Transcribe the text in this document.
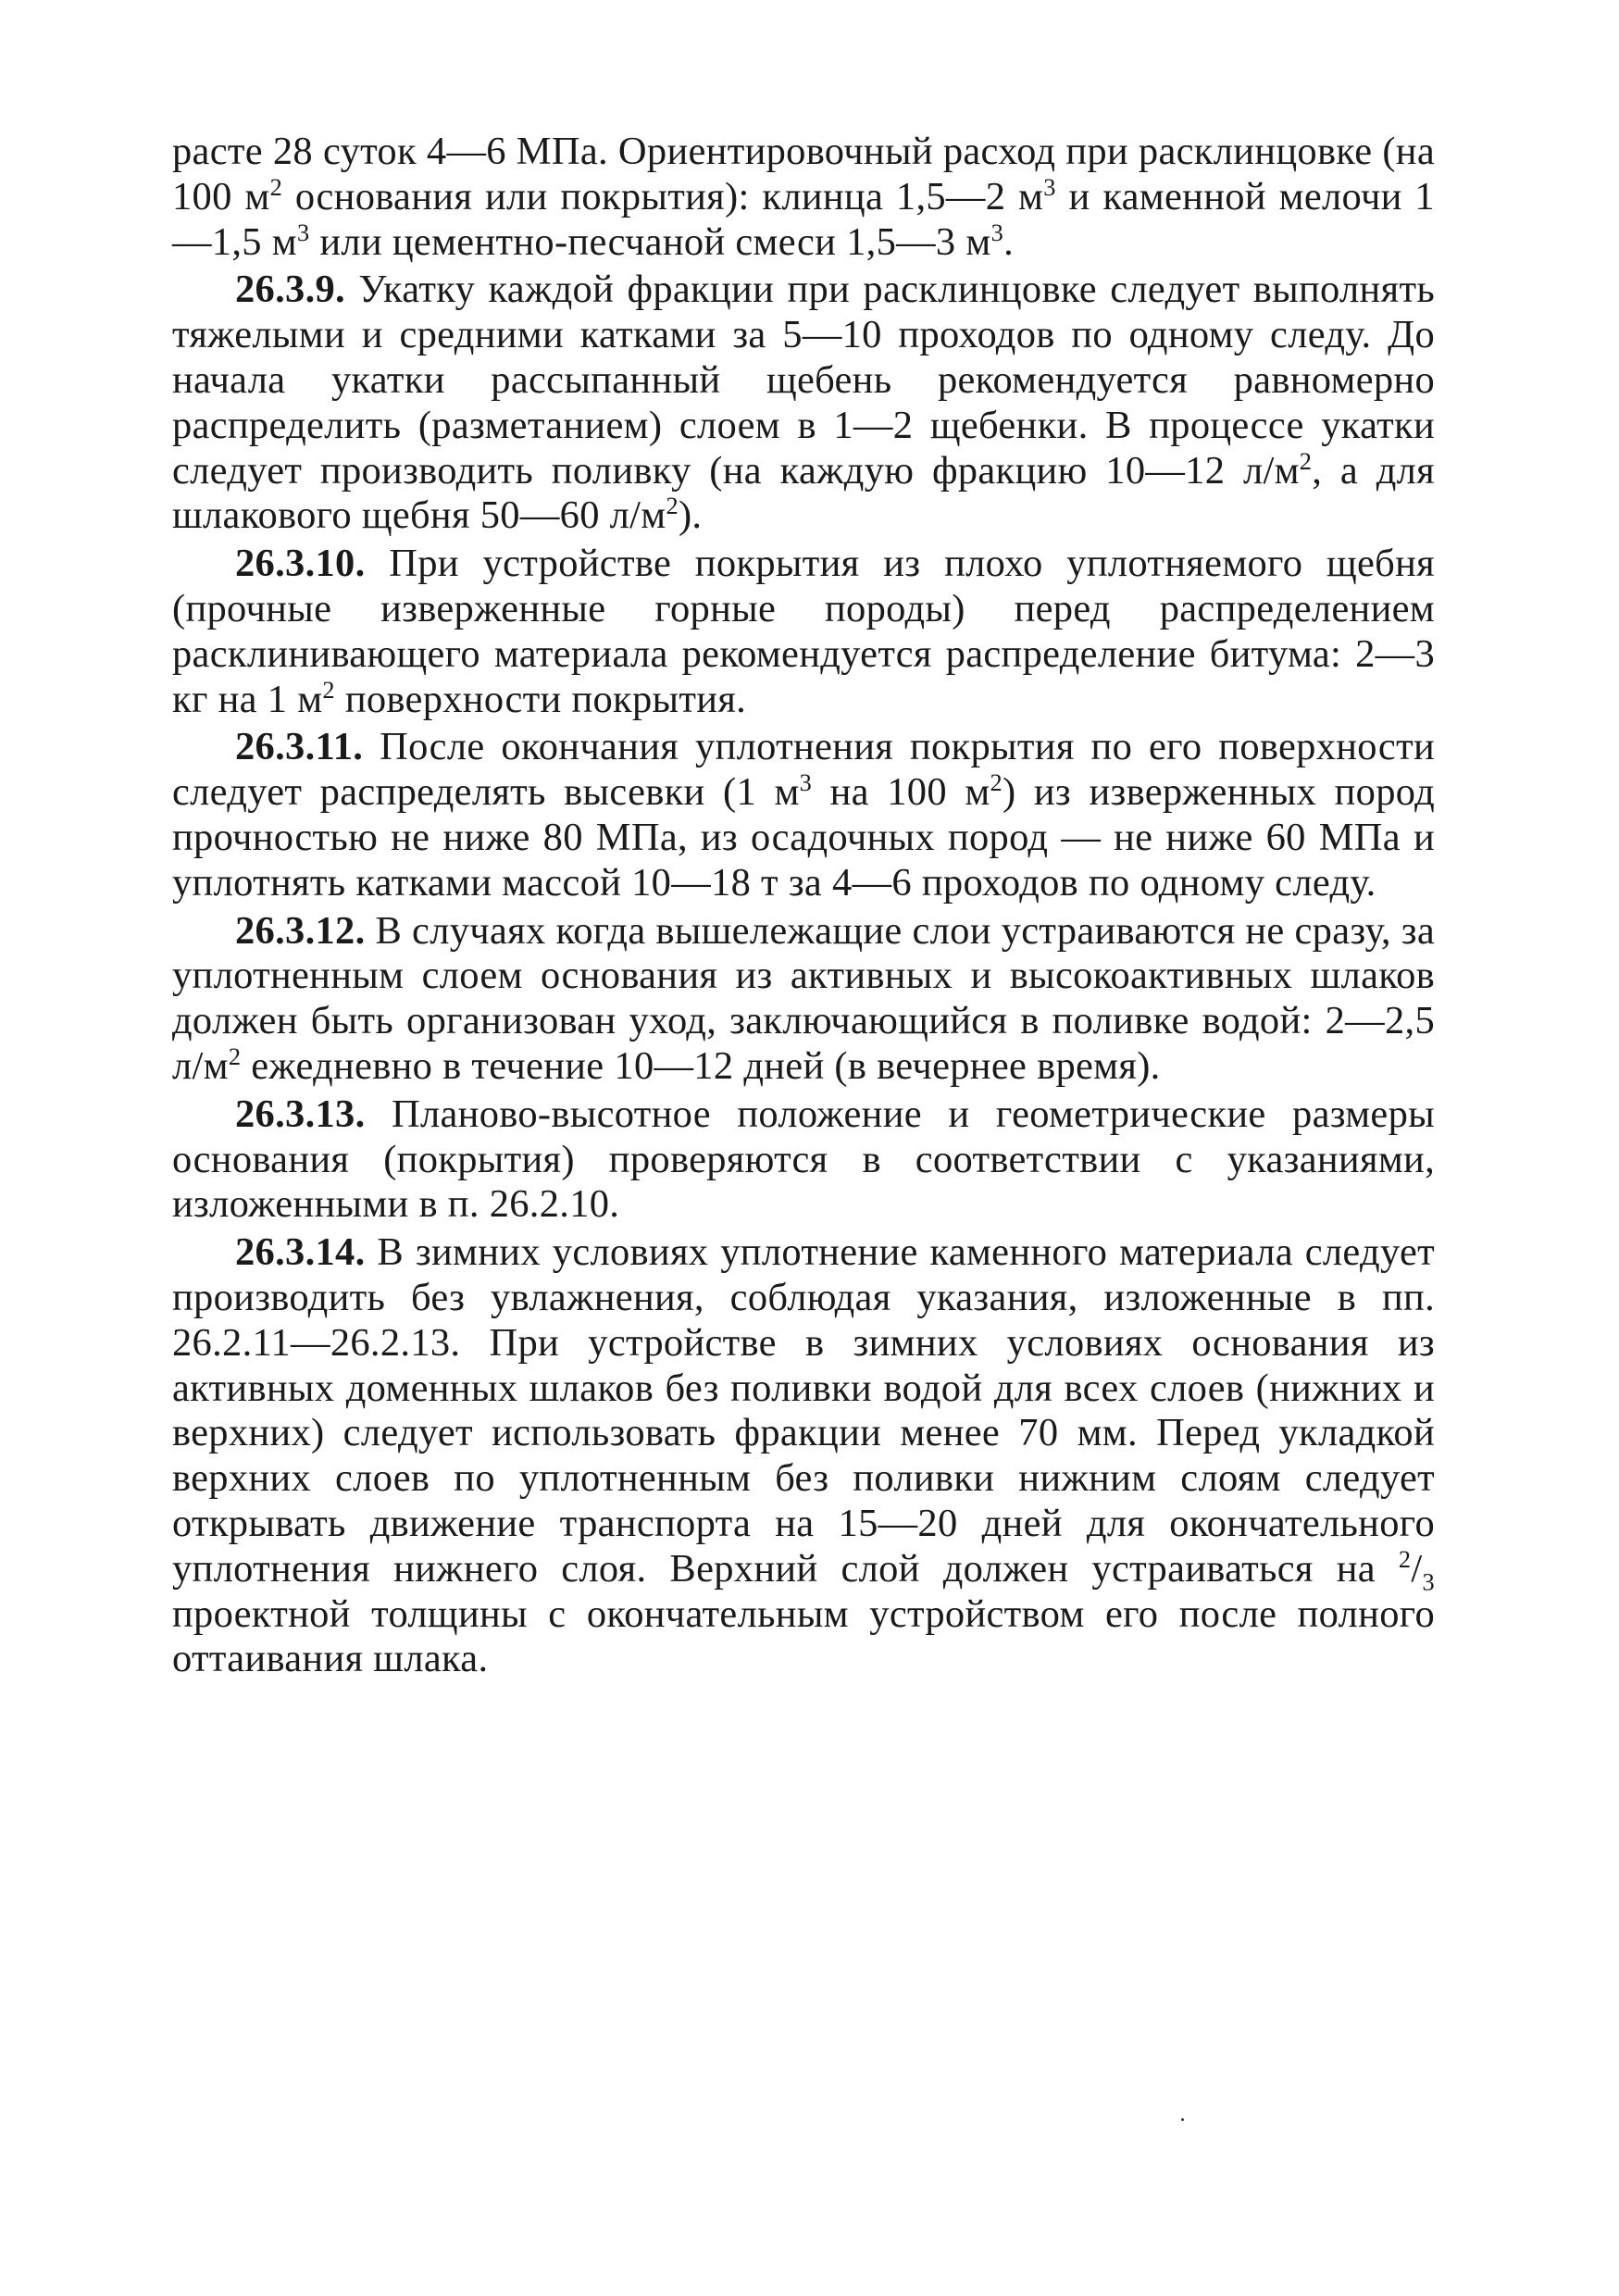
расте 28 суток 4—6 МПа. Ориентировочный расход при расклинцовке (на 100 $м^2$ основания или покрытия): клинца 1,5—2 $м^3$ и каменной мелочи 1—1,5 $м^3$ или цементно-песчаной смеси 1,5—3 $м^3$.

26.3.9. Укатку каждой фракции при расклинцовке следует выполнять тяжелыми и средними катками за 5—10 проходов по одному следу. До начала укатки рассыпанный щебень рекомендуется равномерно распределить (разметанием) слоем в 1—2 щебенки. В процессе укатки следует производить поливку (на каждую фракцию 10—12 $л/м^2$, а для шлакового щебня 50—60 $л/м^2$).

26.3.10. При устройстве покрытия из плохо уплотняемого щебня (прочные изверженные горные породы) перед распределением расклинивающего материала рекомендуется распределение битума: 2—3 кг на 1 $м^2$ поверхности покрытия.

26.3.11. После окончания уплотнения покрытия по его поверхности следует распределять высевки (1 $м^3$ на 100 $м^2$) из изверженных пород прочностью не ниже 80 МПа, из осадочных пород — не ниже 60 МПа и уплотнять катками массой 10—18 т за 4—6 проходов по одному следу.

26.3.12. В случаях когда вышележащие слои устраиваются не сразу, за уплотненным слоем основания из активных и высокоактивных шлаков должен быть организован уход, заключающийся в поливке водой: 2—2,5 $л/м^2$ ежедневно в течение 10—12 дней (в вечернее время).

26.3.13. Планово-высотное положение и геометрические размеры основания (покрытия) проверяются в соответствии с указаниями, изложенными в п. 26.2.10.

26.3.14. В зимних условиях уплотнение каменного материала следует производить без увлажнения, соблюдая указания, изложенные в пп. 26.2.11—26.2.13. При устройстве в зимних условиях основания из активных доменных шлаков без поливки водой для всех слоев (нижних и верхних) следует использовать фракции менее 70 мм. Перед укладкой верхних слоев по уплотненным без поливки нижним слоям следует открывать движение транспорта на 15—20 дней для окончательного уплотнения нижнего слоя. Верхний слой должен устраиваться на $^2/_3$ проектной толщины с окончательным устройством его после полного оттаивания шлака.
